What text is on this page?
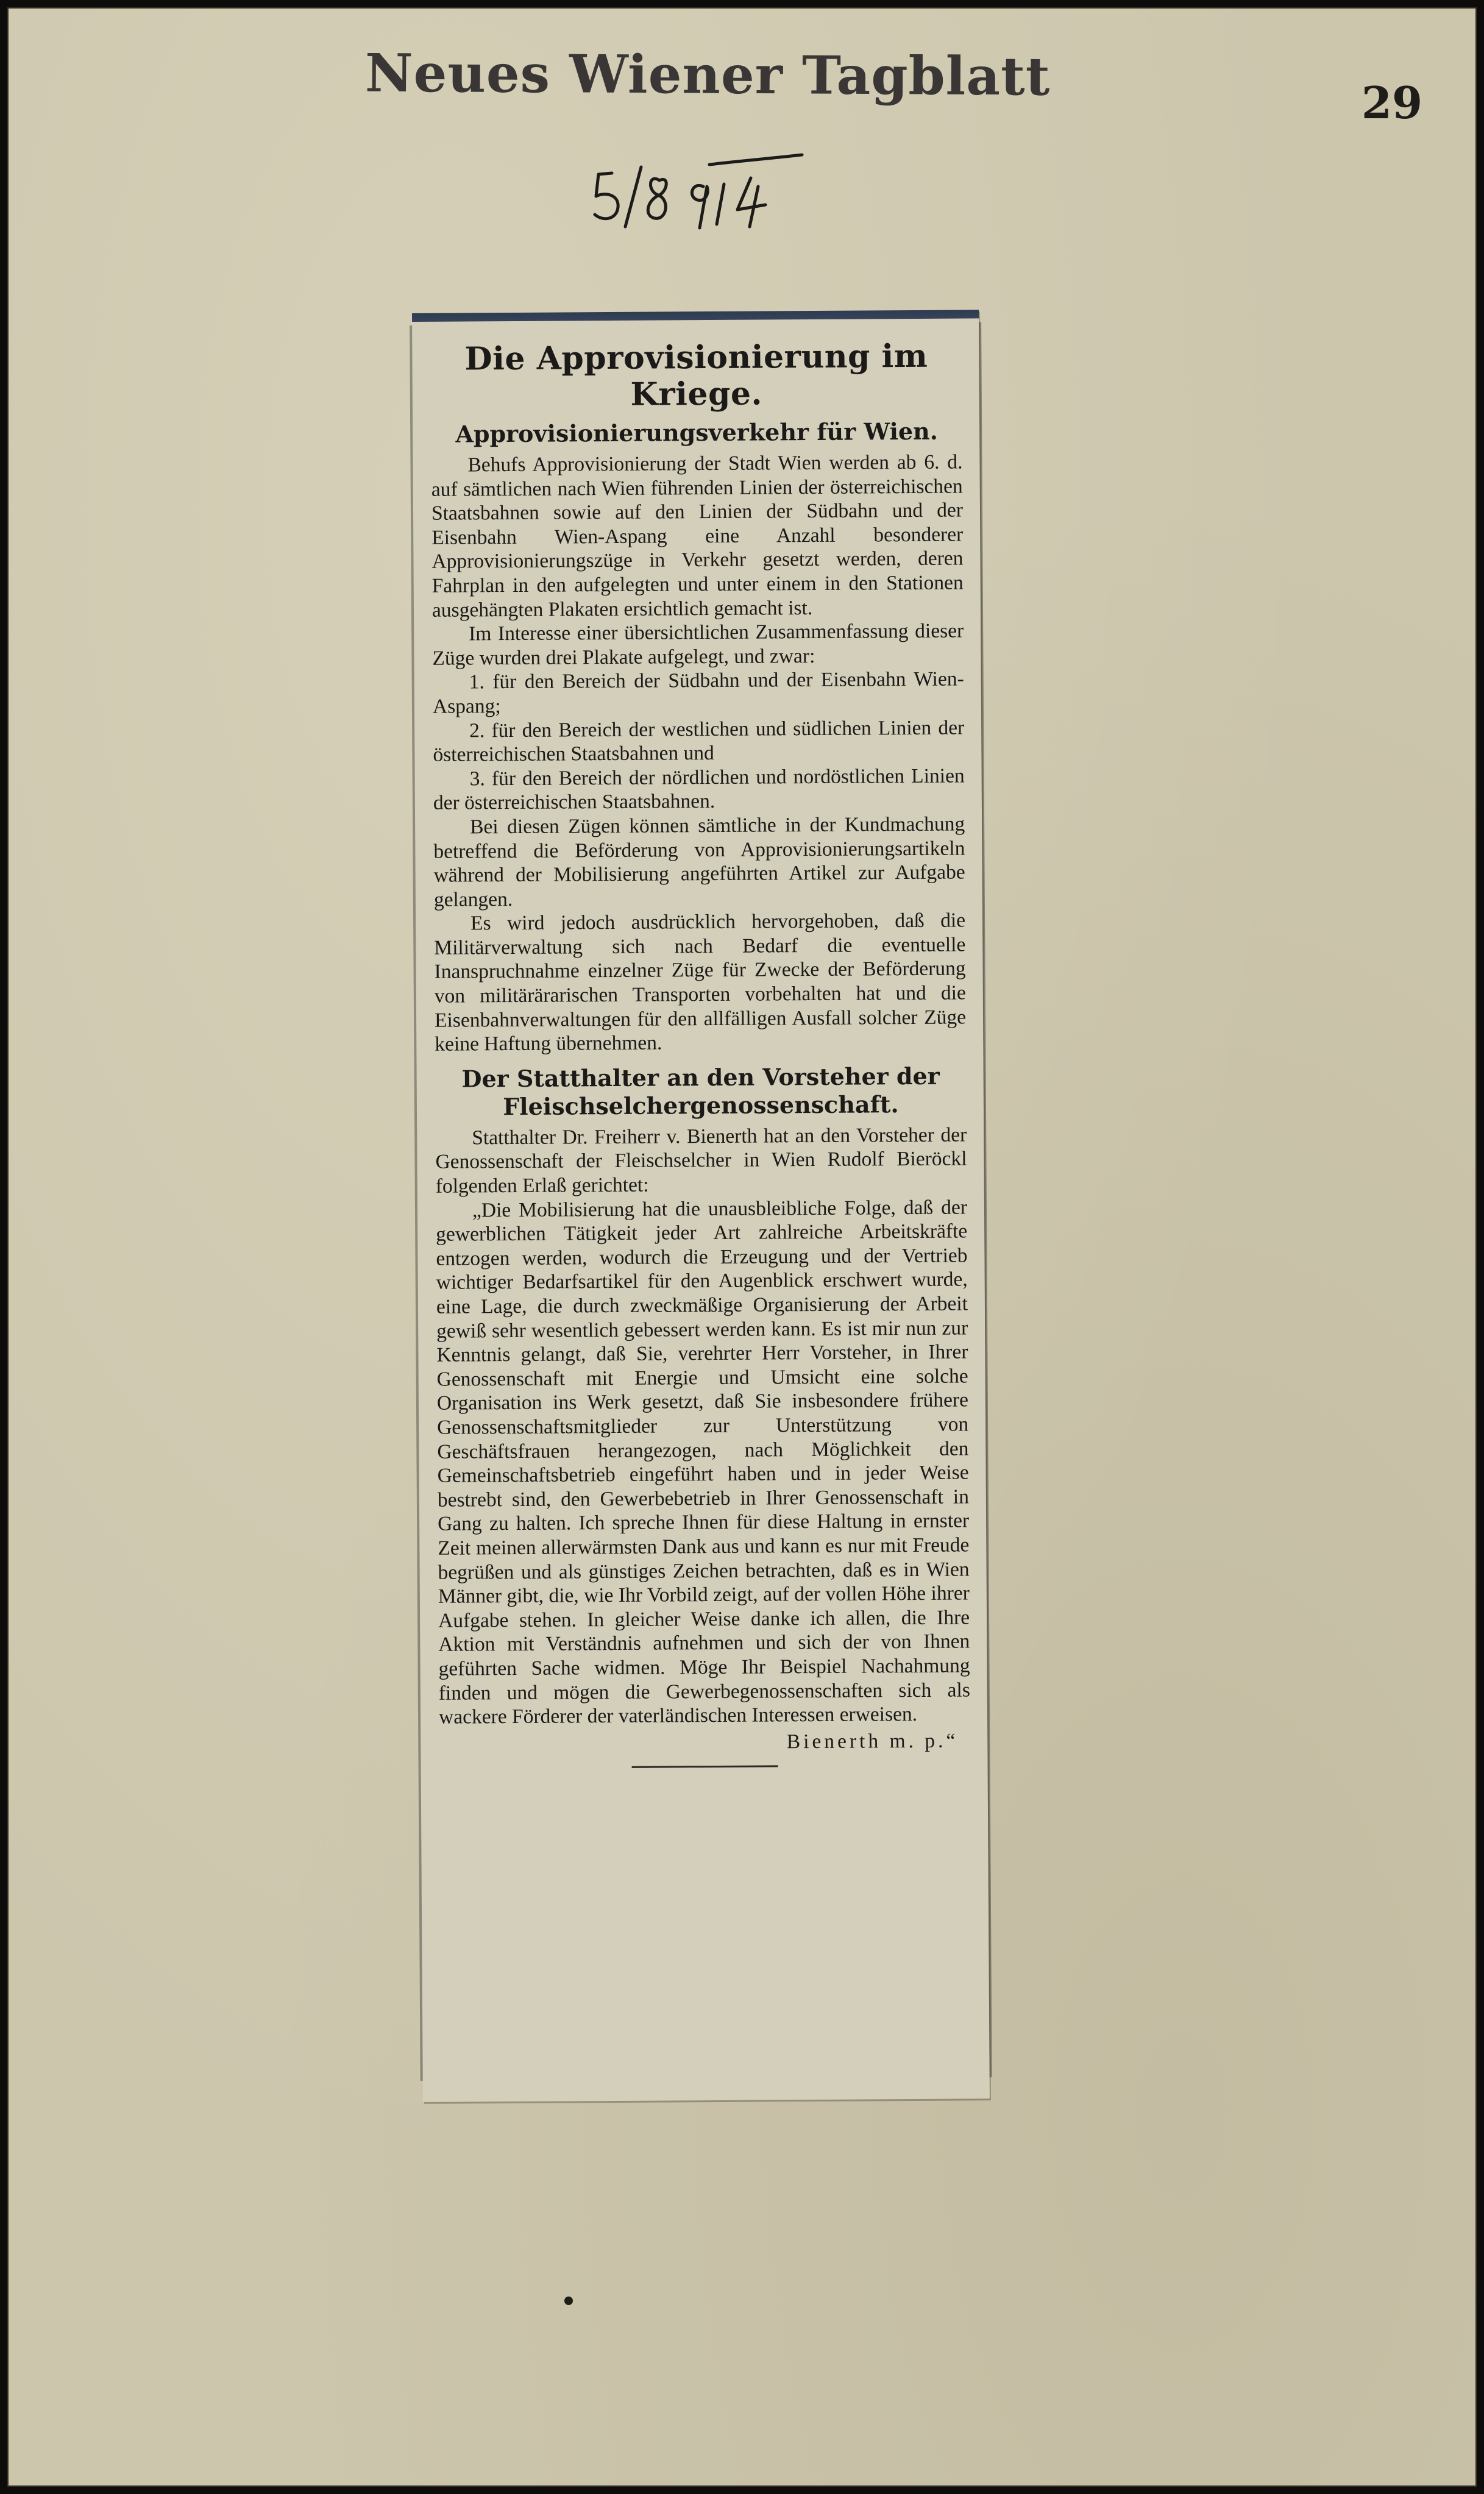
Neues Wiener Tagblatt	29
Die Approvisionierung im Kriege.
Approvisionierungsverkehr für Wien.

Behufs Approvisionierung der Stadt Wien werden ab 6. d. auf sämtlichen nach Wien führenden Linien der österreichischen Staatsbahnen sowie auf den Linien der Südbahn und der Eisenbahn Wien-Aspang eine Anzahl besonderer Approvisionierungszüge in Verkehr gesetzt werden, deren Fahrplan in den aufgelegten und unter einem in den Stationen ausgehängten Plakaten ersichtlich gemacht ist.

Im Interesse einer übersichtlichen Zusammenfassung dieser Züge wurden drei Plakate aufgelegt, und zwar:

1. für den Bereich der Südbahn und der Eisenbahn Wien-Aspang;

2. für den Bereich der westlichen und südlichen Linien der österreichischen Staatsbahnen und

3. für den Bereich der nördlichen und nordöstlichen Linien der österreichischen Staatsbahnen.

Bei diesen Zügen können sämtliche in der Kundmachung betreffend die Beförderung von Approvisionierungsartikeln während der Mobilisierung angeführten Artikel zur Aufgabe gelangen.

Es wird jedoch ausdrücklich hervorgehoben, daß die Militärverwaltung sich nach Bedarf die eventuelle Inanspruchnahme einzelner Züge für Zwecke der Beförderung von militärärarischen Transporten vorbehalten hat und die Eisenbahnverwaltungen für den allfälligen Ausfall solcher Züge keine Haftung übernehmen.

Der Statthalter an den Vorsteher der Fleischselchergenossenschaft.

Statthalter Dr. Freiherr v. Bienerth hat an den Vorsteher der Genossenschaft der Fleischselcher in Wien Rudolf Bieröckl folgenden Erlaß gerichtet:

„Die Mobilisierung hat die unausbleibliche Folge, daß der gewerblichen Tätigkeit jeder Art zahlreiche Arbeitskräfte entzogen werden, wodurch die Erzeugung und der Vertrieb wichtiger Bedarfsartikel für den Augenblick erschwert wurde, eine Lage, die durch zweckmäßige Organisierung der Arbeit gewiß sehr wesentlich gebessert werden kann. Es ist mir nun zur Kenntnis gelangt, daß Sie, verehrter Herr Vorsteher, in Ihrer Genossenschaft mit Energie und Umsicht eine solche Organisation ins Werk gesetzt, daß Sie insbesondere frühere Genossenschaftsmitglieder zur Unterstützung von Geschäftsfrauen herangezogen, nach Möglichkeit den Gemeinschaftsbetrieb eingeführt haben und in jeder Weise bestrebt sind, den Gewerbebetrieb in Ihrer Genossenschaft in Gang zu halten. Ich spreche Ihnen für diese Haltung in ernster Zeit meinen allerwärmsten Dank aus und kann es nur mit Freude begrüßen und als günstiges Zeichen betrachten, daß es in Wien Männer gibt, die, wie Ihr Vorbild zeigt, auf der vollen Höhe ihrer Aufgabe stehen. In gleicher Weise danke ich allen, die Ihre Aktion mit Verständnis aufnehmen und sich der von Ihnen geführten Sache widmen. Möge Ihr Beispiel Nachahmung finden und mögen die Gewerbegenossenschaften sich als wackere Förderer der vaterländischen Interessen erweisen.

Bienerth m. p.“
